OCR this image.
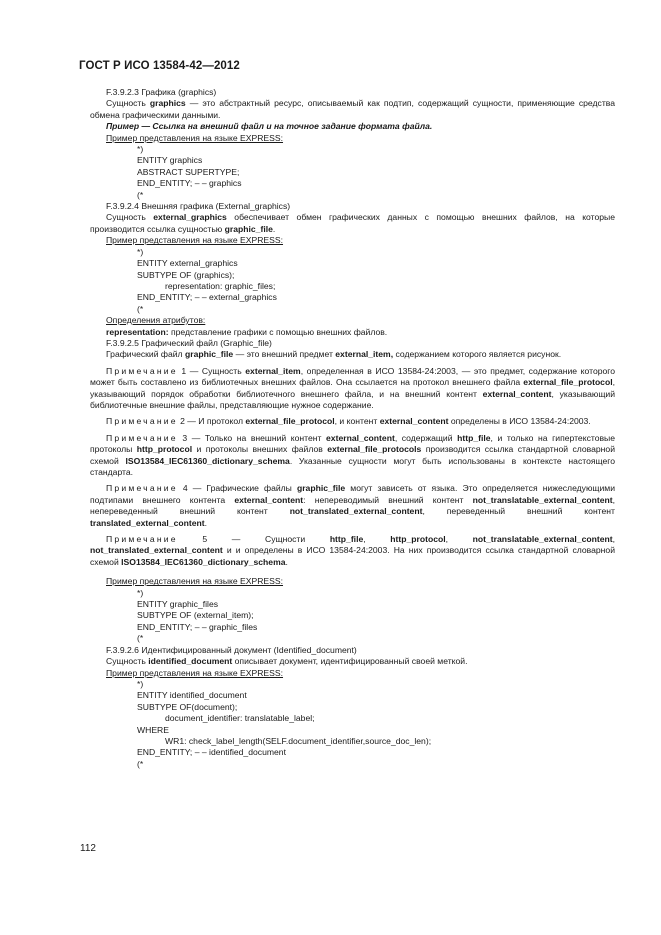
ГОСТ Р ИСО 13584-42—2012

F.3.9.2.3 Графика (graphics)

Сущность graphics — это абстрактный ресурс, описываемый как подтип, содержащий сущности, применяющие средства обмена графическими данными.

Пример — Ссылка на внешний файл и на точное задание формата файла.

Пример представления на языке EXPRESS:

*)

ENTITY graphics

ABSTRACT SUPERTYPE;

END_ENTITY; – – graphics

(*

F.3.9.2.4 Внешняя графика (External_graphics)

Сущность external_graphics обеспечивает обмен графических данных с помощью внешних файлов, на которые производится ссылка сущностью graphic_file.

Пример представления на языке EXPRESS:

*)

ENTITY external_graphics

SUBTYPE OF (graphics);

representation: graphic_files;

END_ENTITY; – – external_graphics

(*

Определения атрибутов:

representation: представление графики с помощью внешних файлов.

F.3.9.2.5 Графический файл (Graphic_file)

Графический файл graphic_file — это внешний предмет external_item, содержанием которого является рисунок.

Примечание 1 — Сущность external_item, определенная в ИСО 13584-24:2003, — это предмет, содержание которого может быть составлено из библиотечных внешних файлов. Она ссылается на протокол внешнего файла external_file_protocol, указывающий порядок обработки библиотечного внешнего файла, и на внешний контент external_content, указывающий библиотечные внешние файлы, представляющие нужное содержание.

Примечание 2 — И протокол external_file_protocol, и контент external_content определены в ИСО 13584-24:2003.

Примечание 3 — Только на внешний контент external_content, содержащий http_file, и только на гипертекстовые протоколы http_protocol и протоколы внешних файлов external_file_protocols производится ссылка стандартной словарной схемой ISO13584_IEC61360_dictionary_schema. Указанные сущности могут быть использованы в контексте настоящего стандарта.

Примечание 4 — Графические файлы graphic_file могут зависеть от языка. Это определяется нижеследующими подтипами внешнего контента external_content: непереводимый внешний контент not_translatable_external_content, непереведенный внешний контент not_translated_external_content, переведенный внешний контент translated_external_content.

Примечание 5 — Сущности http_file, http_protocol, not_translatable_external_content, not_translated_external_content и и определены в ИСО 13584-24:2003. На них производится ссылка стандартной словарной схемой ISO13584_IEC61360_dictionary_schema.

Пример представления на языке EXPRESS:

*)

ENTITY graphic_files

SUBTYPE OF (external_item);

END_ENTITY; – – graphic_files

(*

F.3.9.2.6 Идентифицированный документ (Identified_document)

Сущность identified_document описывает документ, идентифицированный своей меткой.

Пример представления на языке EXPRESS:

*)

ENTITY identified_document

SUBTYPE OF(document);

document_identifier: translatable_label;

WHERE

WR1: check_label_length(SELF.document_identifier,source_doc_len);

END_ENTITY; – – identified_document

(*

112
